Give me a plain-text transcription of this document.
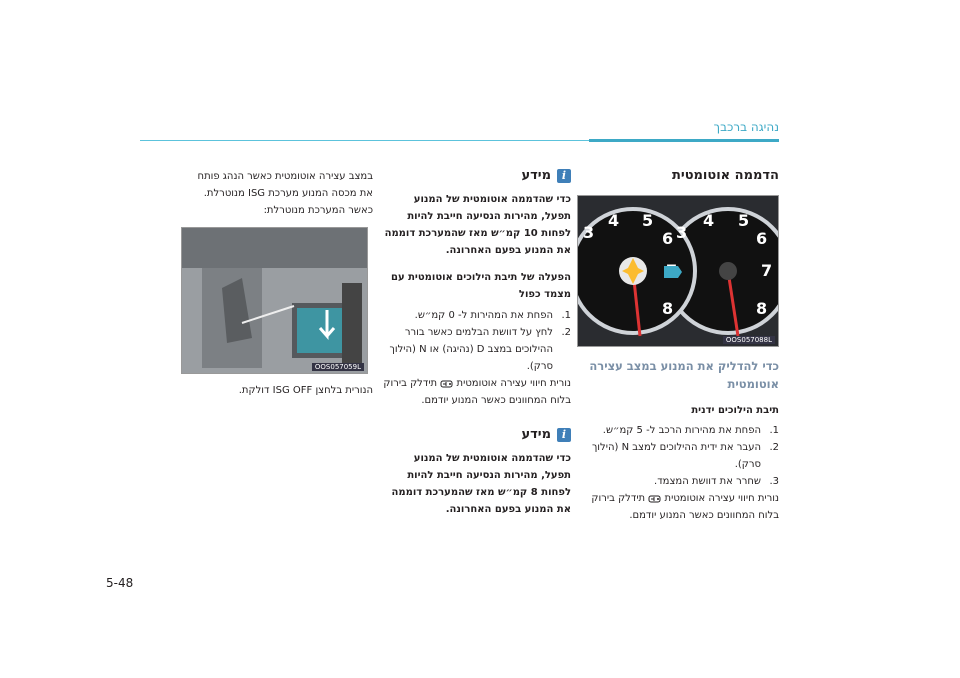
נהיגה ברכבך
הדממה אוטומטית
3
4 5
6
7
8
3
4 5
6
8
OOS057088L
כדי להדליק את המנוע במצב עצירה אוטומטית
תיבת הילוכים ידנית
1.
הפחת את מהירות הרכב ל- 5 קמ״ש.
2.
העבר את ידית ההילוכים למצב N (הילוך סרק).
3.
שחרר את דוושת המצמד.

נורית חיווי עצירה אוטומטית  תידלק בירוק בלוח המחוונים כאשר המנוע יודמם.

i
מידע

כדי שהדממה אוטומטית של המנוע תפעל, מהירות הנסיעה חייבת להיות לפחות 10 קמ״ש מאז שהמערכת דוממה את המנוע בפעם האחרונה.

הפעלה של תיבת הילוכים אוטומטית עם מצמד כפול

1.
הפחת את המהירות ל- 0 קמ״ש.
2.
לחץ על דוושת הבלמים כאשר בורר ההילוכים במצב D (נהיגה) או N (הילוך סרק).

נורית חיווי עצירה אוטומטית  תידלק בירוק בלוח המחוונים כאשר המנוע יודמם.

i
מידע

כדי שהדממה אוטומטית של המנוע תפעל, מהירות הנסיעה חייבת להיות לפחות 8 קמ״ש מאז שהמערכת דוממה את המנוע בפעם האחרונה.

במצב עצירה אוטומטית כאשר הנהג פותח את מכסה המנוע מערכת ISG מנוטרלת.

כאשר המערכת מנוטרלת:

OOS057059L

הנורית בלחצן ISG OFF דולקת.

5-48
